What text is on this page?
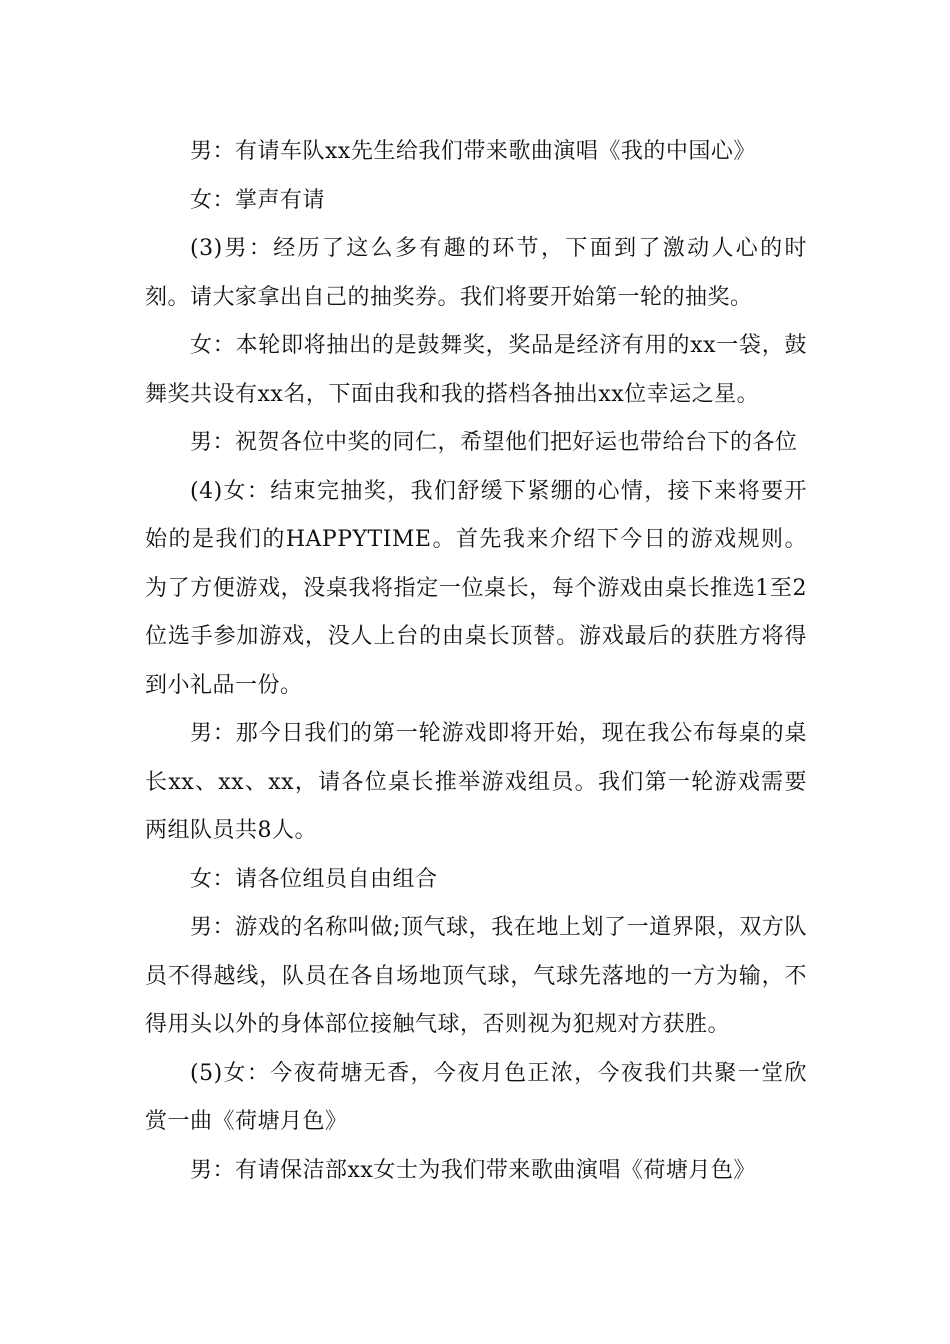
男：有请车队xx先生给我们带来歌曲演唱《我的中国心》

女：掌声有请

(3)男：经历了这么多有趣的环节，下面到了激动人心的时刻。请大家拿出自己的抽奖券。我们将要开始第一轮的抽奖。

女：本轮即将抽出的是鼓舞奖，奖品是经济有用的xx一袋，鼓舞奖共设有xx名，下面由我和我的搭档各抽出xx位幸运之星。

男：祝贺各位中奖的同仁，希望他们把好运也带给台下的各位

(4)女：结束完抽奖，我们舒缓下紧绷的心情，接下来将要开始的是我们的HAPPYTIME。首先我来介绍下今日的游戏规则。为了方便游戏，没桌我将指定一位桌长，每个游戏由桌长推选1至2位选手参加游戏，没人上台的由桌长顶替。游戏最后的获胜方将得到小礼品一份。

男：那今日我们的第一轮游戏即将开始，现在我公布每桌的桌长xx、xx、xx，请各位桌长推举游戏组员。我们第一轮游戏需要两组队员共8人。

女：请各位组员自由组合

男：游戏的名称叫做;顶气球，我在地上划了一道界限，双方队员不得越线，队员在各自场地顶气球，气球先落地的一方为输，不得用头以外的身体部位接触气球，否则视为犯规对方获胜。

(5)女：今夜荷塘无香，今夜月色正浓，今夜我们共聚一堂欣赏一曲《荷塘月色》

男：有请保洁部xx女士为我们带来歌曲演唱《荷塘月色》
